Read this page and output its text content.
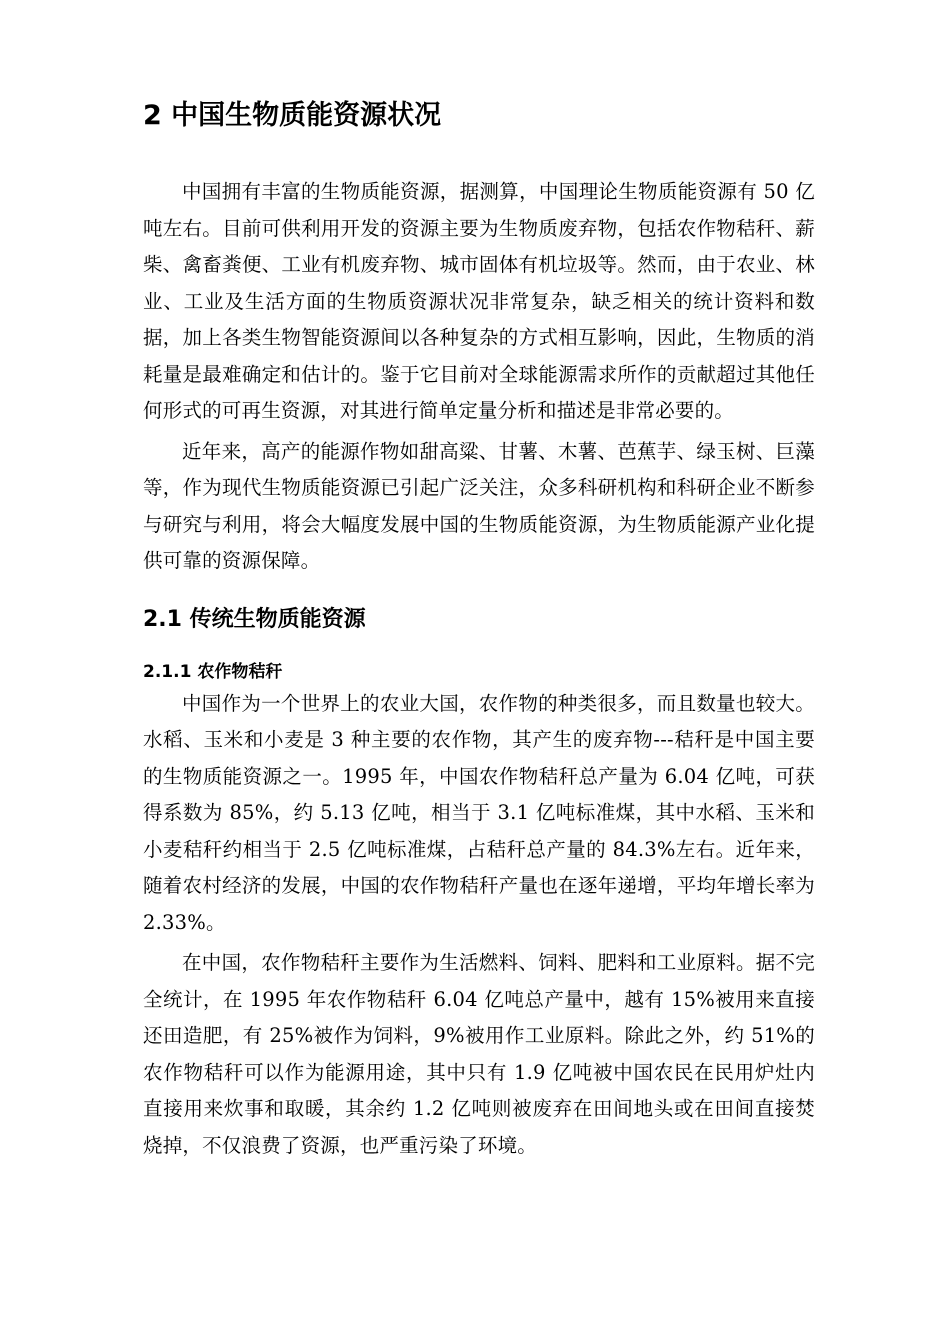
2 中国生物质能资源状况

中国拥有丰富的生物质能资源，据测算，中国理论生物质能资源有 50 亿吨左右。目前可供利用开发的资源主要为生物质废弃物，包括农作物秸秆、薪柴、禽畜粪便、工业有机废弃物、城市固体有机垃圾等。然而，由于农业、林业、工业及生活方面的生物质资源状况非常复杂，缺乏相关的统计资料和数据，加上各类生物智能资源间以各种复杂的方式相互影响，因此，生物质的消耗量是最难确定和估计的。鉴于它目前对全球能源需求所作的贡献超过其他任何形式的可再生资源，对其进行简单定量分析和描述是非常必要的。

近年来，高产的能源作物如甜高粱、甘薯、木薯、芭蕉芋、绿玉树、巨藻等，作为现代生物质能资源已引起广泛关注，众多科研机构和科研企业不断参与研究与利用，将会大幅度发展中国的生物质能资源，为生物质能源产业化提供可靠的资源保障。

2.1 传统生物质能资源
2.1.1 农作物秸秆

中国作为一个世界上的农业大国，农作物的种类很多，而且数量也较大。水稻、玉米和小麦是 3 种主要的农作物，其产生的废弃物---秸秆是中国主要的生物质能资源之一。1995 年，中国农作物秸秆总产量为 6.04 亿吨，可获得系数为 85%，约 5.13 亿吨，相当于 3.1 亿吨标准煤，其中水稻、玉米和小麦秸秆约相当于 2.5 亿吨标准煤，占秸秆总产量的 84.3%左右。近年来，随着农村经济的发展，中国的农作物秸秆产量也在逐年递增，平均年增长率为 2.33%。

在中国，农作物秸秆主要作为生活燃料、饲料、肥料和工业原料。据不完全统计，在 1995 年农作物秸秆 6.04 亿吨总产量中，越有 15%被用来直接还田造肥，有 25%被作为饲料，9%被用作工业原料。除此之外，约 51%的农作物秸秆可以作为能源用途，其中只有 1.9 亿吨被中国农民在民用炉灶内直接用来炊事和取暖，其余约 1.2 亿吨则被废弃在田间地头或在田间直接焚烧掉，不仅浪费了资源，也严重污染了环境。
